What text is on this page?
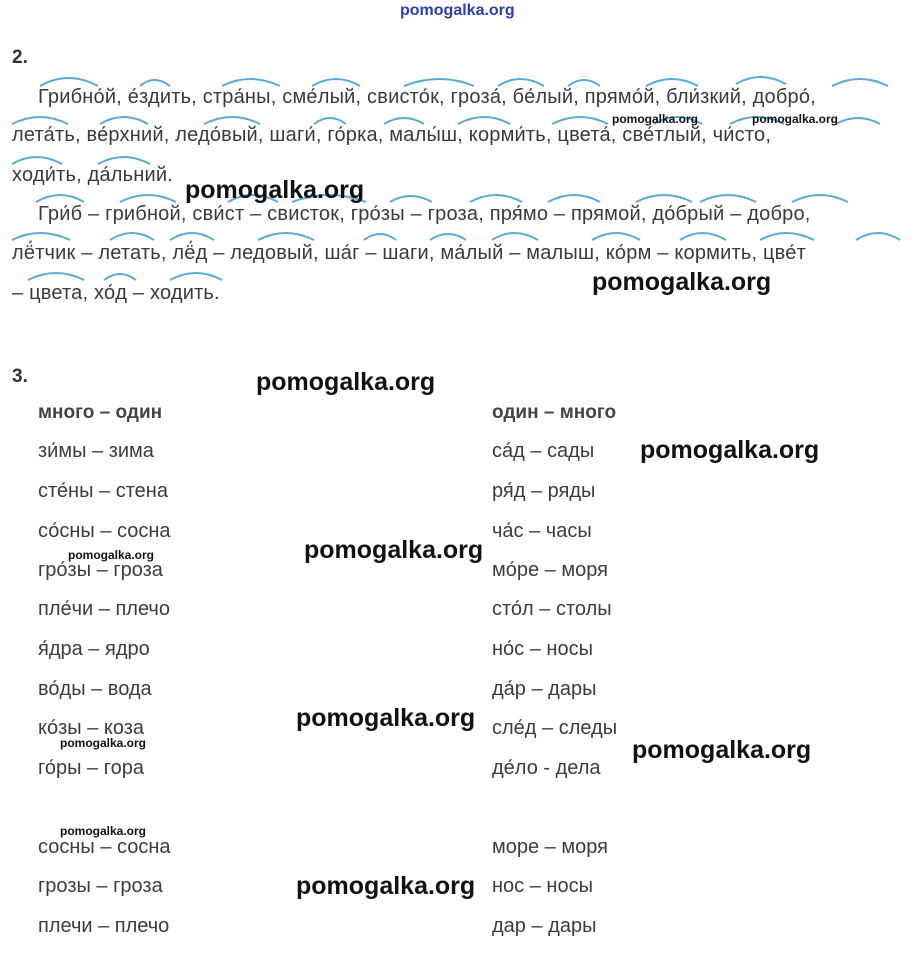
pomogalka.org
2.
Грибно́й, е́здить, стра́ны, сме́лый, свисто́к, гроза́, бе́лый, прямо́й, бли́зкий, добро́,
лета́ть, ве́рхний, ледо́вый, шаги́, го́рка, малы́ш, корми́ть, цвета́, све́тлый, чи́сто,
ходи́ть, да́льний.
Гри́б – грибной, сви́ст – свисток, гро́зы – гроза, пря́мо – прямой, до́брый – добро,
лё́тчик – летать, лё́д – ледовый, ша́г – шаги, ма́лый – малыш, ко́рм – кормить, цве́т
– цвета, хо́д – ходить.
3.
много – один	один – много
зи́мы – зима
сте́ны – стена
со́сны – сосна
гро́зы – гроза
пле́чи – плечо
я́дра – ядро
во́ды – вода
ко́зы – коза
го́ры – гора
са́д – сады
ря́д – ряды
ча́с – часы
мо́ре – моря
сто́л – столы
но́с – носы
да́р – дары
сле́д – следы
де́ло - дела
сосны – сосна
грозы – гроза
плечи – плечо
море – моря
нос – носы
дар – дары
pomogalka.org
pomogalka.org
pomogalka.org
pomogalka.org
pomogalka.org
pomogalka.org
pomogalka.org
pomogalka.org
pomogalka.org	pomogalka.org
pomogalka.org
pomogalka.org
pomogalka.org
